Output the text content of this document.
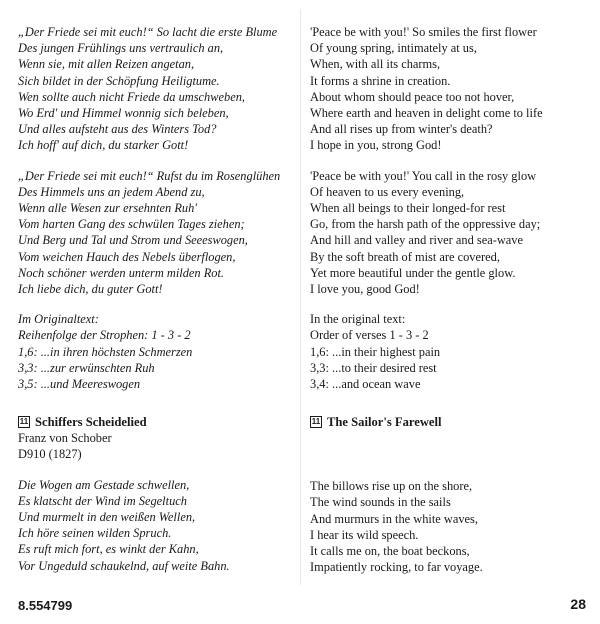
„Der Friede sei mit euch!“ So lacht die erste Blume
Des jungen Frühlings uns vertraulich an,
Wenn sie, mit allen Reizen angetan,
Sich bildet in der Schöpfung Heiligtume.
Wen sollte auch nicht Friede da umschweben,
Wo Erd' und Himmel wonnig sich beleben,
Und alles aufsteht aus des Winters Tod?
Ich hoff' auf dich, du starker Gott!
„Der Friede sei mit euch!“ Rufst du im Rosenglühen
Des Himmels uns an jedem Abend zu,
Wenn alle Wesen zur ersehnten Ruh'
Vom harten Gang des schwülen Tages ziehen;
Und Berg und Tal und Strom und Seeeswogen,
Vom weichen Hauch des Nebels überflogen,
Noch schöner werden unterm milden Rot.
Ich liebe dich, du guter Gott!
Im Originaltext:
Reihenfolge der Strophen: 1 - 3 - 2
1,6: ...in ihren höchsten Schmerzen
3,3: ...zur erwünschten Ruh
3,5: ...und Meereswogen
11 Schiffers Scheidelied
Franz von Schober
D910 (1827)
Die Wogen am Gestade schwellen,
Es klatscht der Wind im Segeltuch
Und murmelt in den weißen Wellen,
Ich höre seinen wilden Spruch.
Es ruft mich fort, es winkt der Kahn,
Vor Ungeduld schaukelnd, auf weite Bahn.
'Peace be with you!' So smiles the first flower
Of young spring, intimately at us,
When, with all its charms,
It forms a shrine in creation.
About whom should peace too not hover,
Where earth and heaven in delight come to life
And all rises up from winter's death?
I hope in you, strong God!
'Peace be with you!' You call in the rosy glow
Of heaven to us every evening,
When all beings to their longed-for rest
Go, from the harsh path of the oppressive day;
And hill and valley and river and sea-wave
By the soft breath of mist are covered,
Yet more beautiful under the gentle glow.
I love you, good God!
In the original text:
Order of verses 1 - 3 - 2
1,6: ...in their highest pain
3,3: ...to their desired rest
3,4: ...and ocean wave
11 The Sailor's Farewell
The billows rise up on the shore,
The wind sounds in the sails
And murmurs in the white waves,
I hear its wild speech.
It calls me on, the boat beckons,
Impatiently rocking, to far voyage.
8.554799	28
